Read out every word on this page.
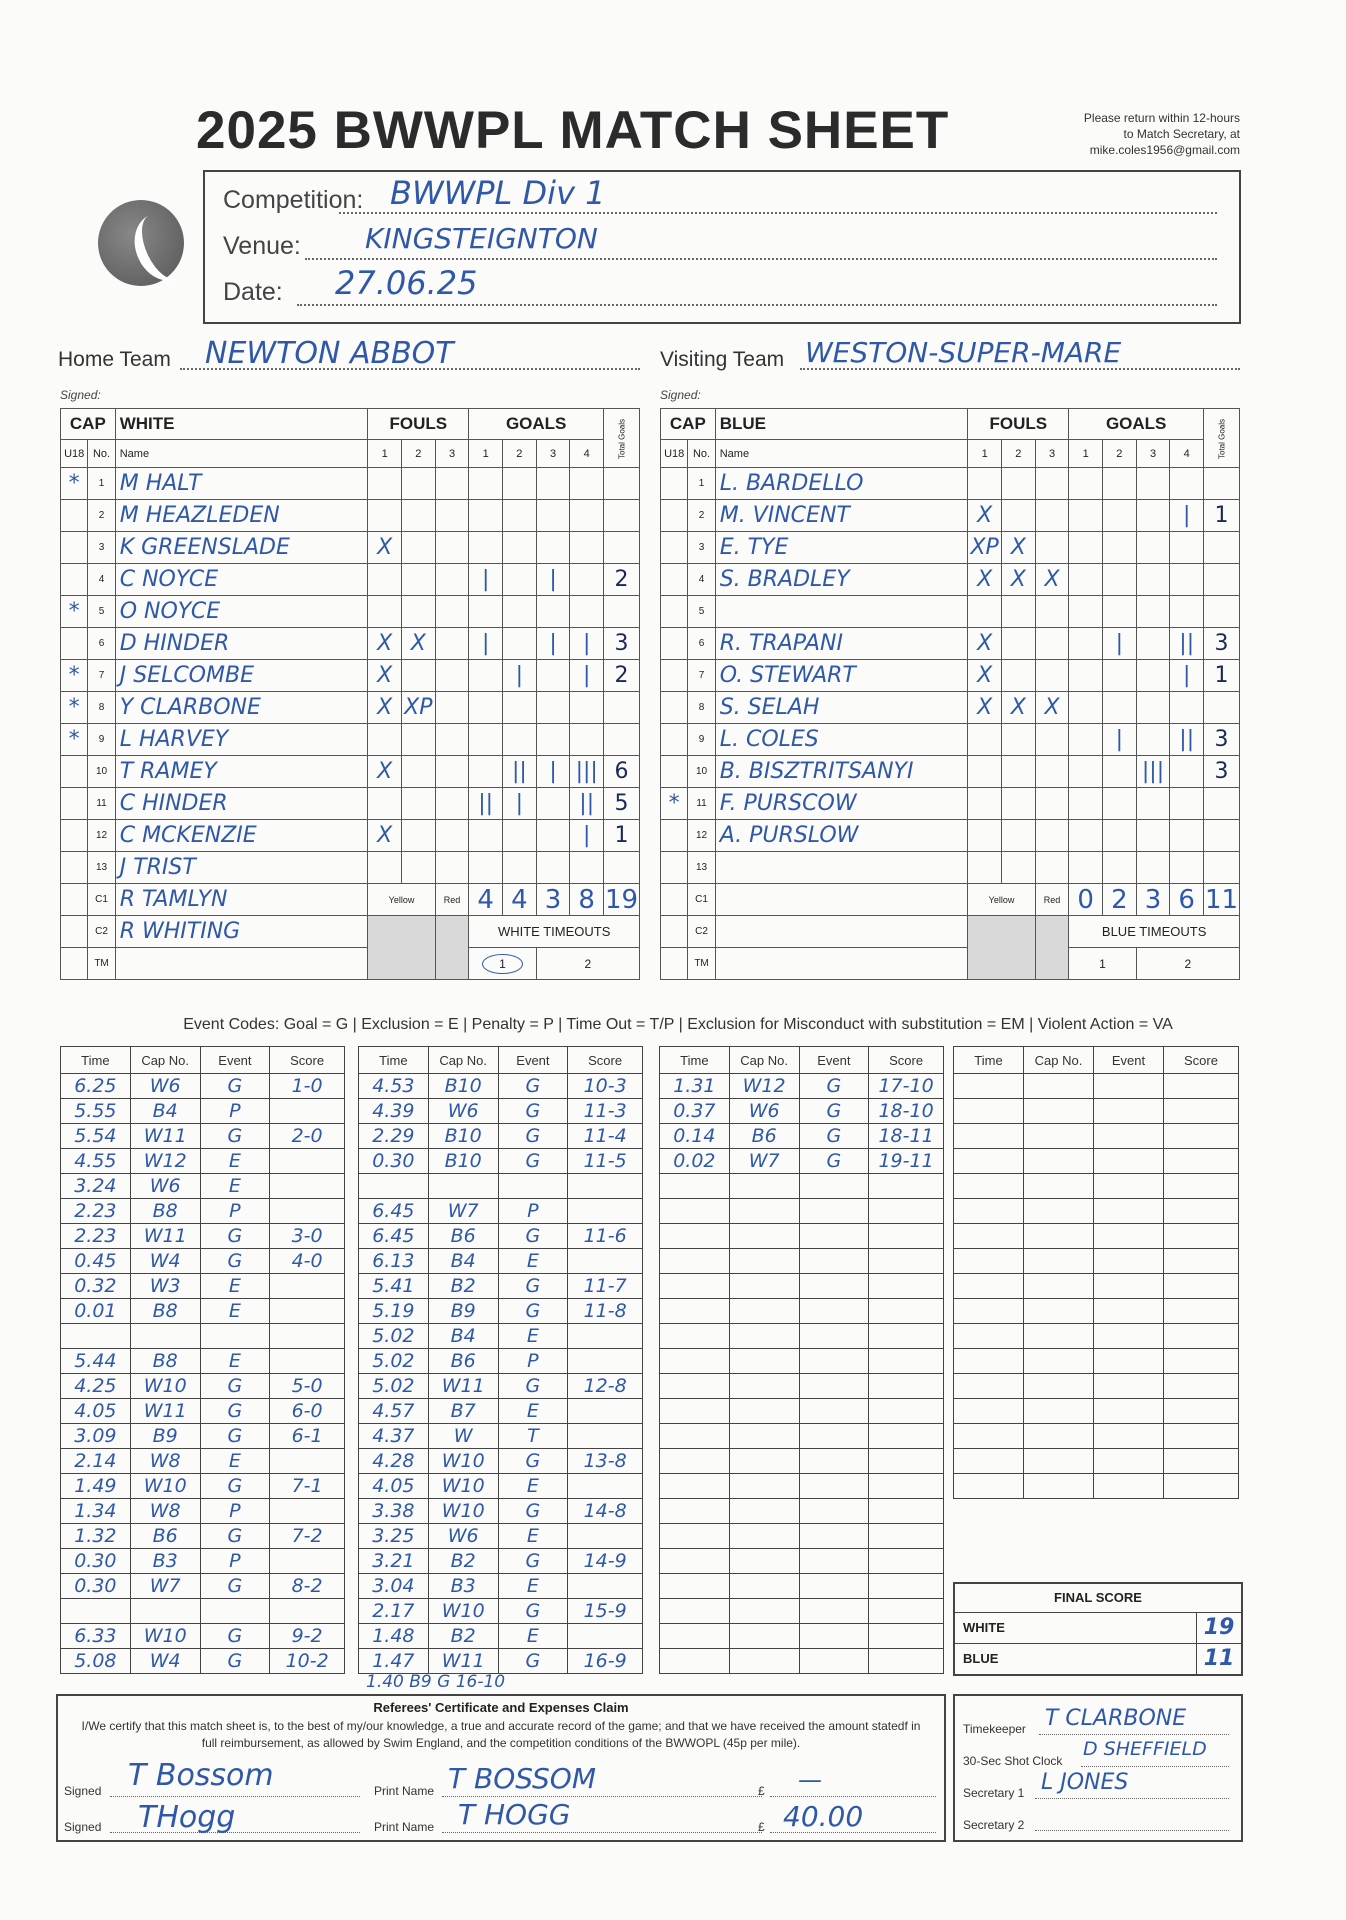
2025 BWWPL MATCH SHEET	Please return within 12-hours
to Match Secretary, at
mike.coles1956@gmail.com
Competition: BWWPL Div 1
Venue: KINGSTEIGNTON
Date: 27.06.25
Home Team NEWTON ABBOT	Visiting Team WESTON-SUPER-MARE
Signed:	Signed:
CAP		WHITE	FOULS			GOALS				Total Goals
U18	No.	Name	1	2	3	1	2	3	4	
*	1	M HALT								
	2	M HEAZLEDEN								
	3	K GREENSLADE	X							
	4	C NOYCE				|		|		2
*	5	O NOYCE								
	6	D HINDER	X	X		|		|	|	3
*	7	J SELCOMBE	X				|		|	2
*	8	Y CLARBONE	X	XP						
*	9	L HARVEY								
	10	T RAMEY	X				||	|	|||	6
	11	C HINDER				||	|		||	5
	12	C MCKENZIE	X						|	1
	13	J TRIST								
	C1	R TAMLYN	Yellow		Red	4	4	3	8	19
	C2	R WHITING				WHITE TIMEOUTS				
	TM					1		2		
CAP		BLUE	FOULS			GOALS				Total Goals
U18	No.	Name	1	2	3	1	2	3	4	
	1	L. BARDELLO								
	2	M. VINCENT	X						|	1
	3	E. TYE	XP	X						
	4	S. BRADLEY	X	X	X					
	5									
	6	R. TRAPANI	X				|		||	3
	7	O. STEWART	X						|	1
	8	S. SELAH	X	X	X					
	9	L. COLES					|		||	3
	10	B. BISZTRITSANYI						|||		3
*	11	F. PURSCOW								
	12	A. PURSLOW								
	13									
	C1		Yellow		Red	0	2	3	6	11
	C2					BLUE TIMEOUTS				
	TM					1		2		
Event Codes: Goal = G | Exclusion = E | Penalty = P | Time Out = T/P | Exclusion for Misconduct with substitution = EM | Violent Action = VA
Time	Cap No.	Event	Score
6.25	W6	G	1-0
5.55	B4	P	
5.54	W11	G	2-0
4.55	W12	E	
3.24	W6	E	
2.23	B8	P	
2.23	W11	G	3-0
0.45	W4	G	4-0
0.32	W3	E	
0.01	B8	E	

5.44	B8	E	
4.25	W10	G	5-0
4.05	W11	G	6-0
3.09	B9	G	6-1
2.14	W8	E	
1.49	W10	G	7-1
1.34	W8	P	
1.32	B6	G	7-2
0.30	B3	P	
0.30	W7	G	8-2

6.33	W10	G	9-2
5.08	W4	G	10-2
Time	Cap No.	Event	Score
4.53	B10	G	10-3
4.39	W6	G	11-3
2.29	B10	G	11-4
0.30	B10	G	11-5

6.45	W7	P	
6.45	B6	G	11-6
6.13	B4	E	
5.41	B2	G	11-7
5.19	B9	G	11-8
5.02	B4	E	
5.02	B6	P	
5.02	W11	G	12-8
4.57	B7	E	
4.37	W	T	
4.28	W10	G	13-8
4.05	W10	E	
3.38	W10	G	14-8
3.25	W6	E	
3.21	B2	G	14-9
3.04	B3	E	
2.17	W10	G	15-9
1.48	B2	E	
1.47	W11	G	16-9
Time	Cap No.	Event	Score
1.31	W12	G	17-10
0.37	W6	G	18-10
0.14	B6	G	18-11
0.02	W7	G	19-11

Time	Cap No.	Event	Score

1.40 B9 G 16-10
FINAL SCORE
WHITE	19
BLUE	11
Referees' Certificate and Expenses Claim
I/We certify that this match sheet is, to the best of my/our knowledge, a true and accurate record of the game; and that we have received the amount statedf in full reimbursement, as allowed by Swim England, and the competition conditions of the BWWOPL (45p per mile).
Signed T Bossom	Print Name T BOSSOM	£ —
Signed THogg	Print Name T HOGG	£ 40.00
Timekeeper T CLARBONE
30-Sec Shot Clock
D SHEFFIELD
Secretary 1 L JONES
Secretary 2
